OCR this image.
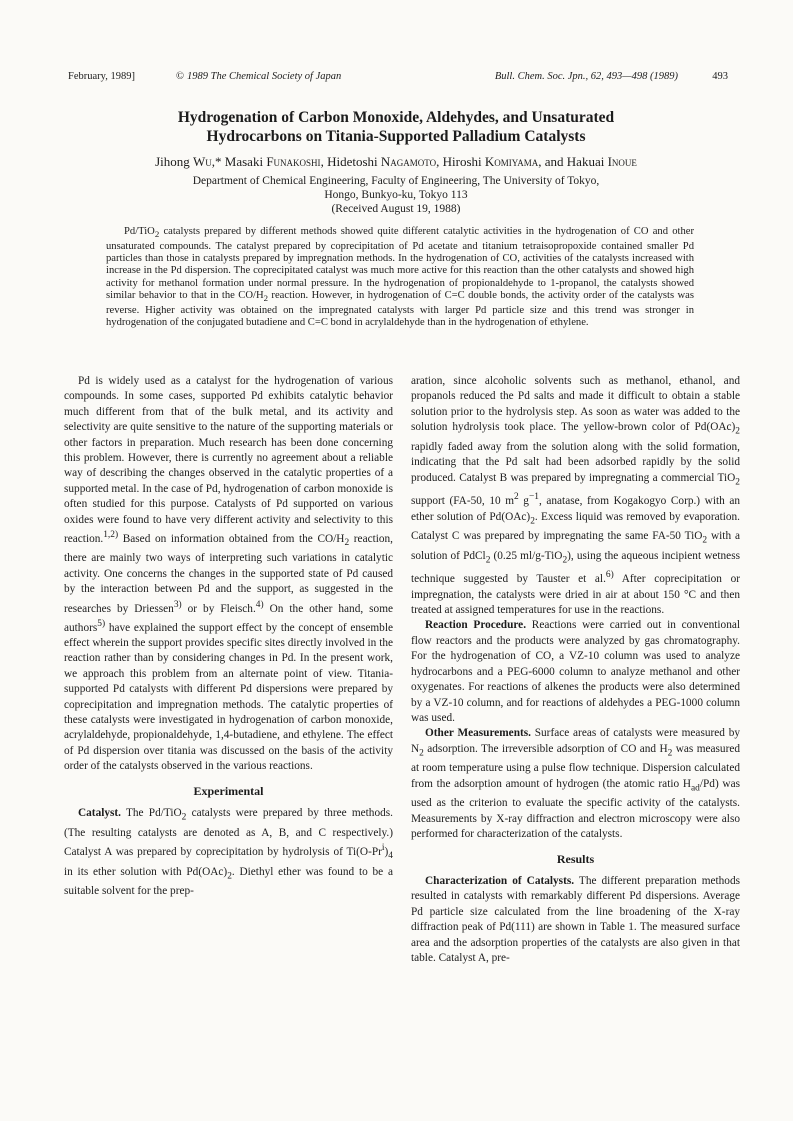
February, 1989]	© 1989 The Chemical Society of Japan	Bull. Chem. Soc. Jpn., 62, 493—498 (1989)	493
Hydrogenation of Carbon Monoxide, Aldehydes, and Unsaturated
Hydrocarbons on Titania-Supported Palladium Catalysts
Jihong Wu,* Masaki Funakoshi, Hidetoshi Nagamoto, Hiroshi Komiyama, and Hakuai Inoue
Department of Chemical Engineering, Faculty of Engineering, The University of Tokyo,
Hongo, Bunkyo-ku, Tokyo 113
(Received August 19, 1988)
Pd/TiO$_2$ catalysts prepared by different methods showed quite different catalytic activities in the hydrogenation of CO and other unsaturated compounds. The catalyst prepared by coprecipitation of Pd acetate and titanium tetraisopropoxide contained smaller Pd particles than those in catalysts prepared by impregnation methods. In the hydrogenation of CO, activities of the catalysts increased with increase in the Pd dispersion. The coprecipitated catalyst was much more active for this reaction than the other catalysts and showed high activity for methanol formation under normal pressure. In the hydrogenation of propionaldehyde to 1-propanol, the catalysts showed similar behavior to that in the $CO/H_2$ reaction. However, in hydrogenation of C=C double bonds, the activity order of the catalysts was reverse. Higher activity was obtained on the impregnated catalysts with larger Pd particle size and this trend was stronger in hydrogenation of the conjugated butadiene and C=C bond in acrylaldehyde than in the hydrogenation of ethylene.

Pd is widely used as a catalyst for the hydrogenation of various compounds. In some cases, supported Pd exhibits catalytic behavior much different from that of the bulk metal, and its activity and selectivity are quite sensitive to the nature of the supporting materials or other factors in preparation. Much research has been done concerning this problem. However, there is currently no agreement about a reliable way of describing the changes observed in the catalytic properties of a supported metal. In the case of Pd, hydrogenation of carbon monoxide is often studied for this purpose. Catalysts of Pd supported on various oxides were found to have very different activity and selectivity to this reaction.$^{1,2)}$ Based on information obtained from the $CO/H_2$ reaction, there are mainly two ways of interpreting such variations in catalytic activity. One concerns the changes in the supported state of Pd caused by the interaction between Pd and the support, as suggested in the researches by Driessen$^{3)}$ or by Fleisch.$^{4)}$ On the other hand, some authors$^{5)}$ have explained the support effect by the concept of ensemble effect wherein the support provides specific sites directly involved in the reaction rather than by considering changes in Pd. In the present work, we approach this problem from an alternate point of view. Titania-supported Pd catalysts with different Pd dispersions were prepared by coprecipitation and impregnation methods. The catalytic properties of these catalysts were investigated in hydrogenation of carbon monoxide, acrylaldehyde, propionaldehyde, 1,4-butadiene, and ethylene. The effect of Pd dispersion over titania was discussed on the basis of the activity order of the catalysts observed in the various reactions.

Experimental

Catalyst. The Pd/TiO$_2$ catalysts were prepared by three methods. (The resulting catalysts are denoted as A, B, and C respectively.) Catalyst A was prepared by coprecipitation by hydrolysis of $Ti(O-Pr^i)_4$ in its ether solution with $Pd(OAc)_2$. Diethyl ether was found to be a suitable solvent for the prep-

aration, since alcoholic solvents such as methanol, ethanol, and propanols reduced the Pd salts and made it difficult to obtain a stable solution prior to the hydrolysis step. As soon as water was added to the solution hydrolysis took place. The yellow-brown color of $Pd(OAc)_2$ rapidly faded away from the solution along with the solid formation, indicating that the Pd salt had been adsorbed rapidly by the solid produced. Catalyst B was prepared by impregnating a commercial TiO$_2$ support (FA-50, 10 $m^2$ $g^{-1}$, anatase, from Kogakogyo Corp.) with an ether solution of $Pd(OAc)_2$. Excess liquid was removed by evaporation. Catalyst C was prepared by impregnating the same FA-50 TiO$_2$ with a solution of PdCl$_2$ (0.25 ml/g-TiO$_2$), using the aqueous incipient wetness technique suggested by Tauster et al.$^{6)}$ After coprecipitation or impregnation, the catalysts were dried in air at about 150 °C and then treated at assigned temperatures for use in the reactions.

Reaction Procedure. Reactions were carried out in conventional flow reactors and the products were analyzed by gas chromatography. For the hydrogenation of CO, a VZ-10 column was used to analyze hydrocarbons and a PEG-6000 column to analyze methanol and other oxygenates. For reactions of alkenes the products were also determined by a VZ-10 column, and for reactions of aldehydes a PEG-1000 column was used.

Other Measurements. Surface areas of catalysts were measured by $N_2$ adsorption. The irreversible adsorption of CO and $H_2$ was measured at room temperature using a pulse flow technique. Dispersion calculated from the adsorption amount of hydrogen (the atomic ratio $H_{ad}/Pd$) was used as the criterion to evaluate the specific activity of the catalysts. Measurements by X-ray diffraction and electron microscopy were also performed for characterization of the catalysts.

Results

Characterization of Catalysts. The different preparation methods resulted in catalysts with remarkably different Pd dispersions. Average Pd particle size calculated from the line broadening of the X-ray diffraction peak of Pd(111) are shown in Table 1. The measured surface area and the adsorption properties of the catalysts are also given in that table. Catalyst A, pre-
